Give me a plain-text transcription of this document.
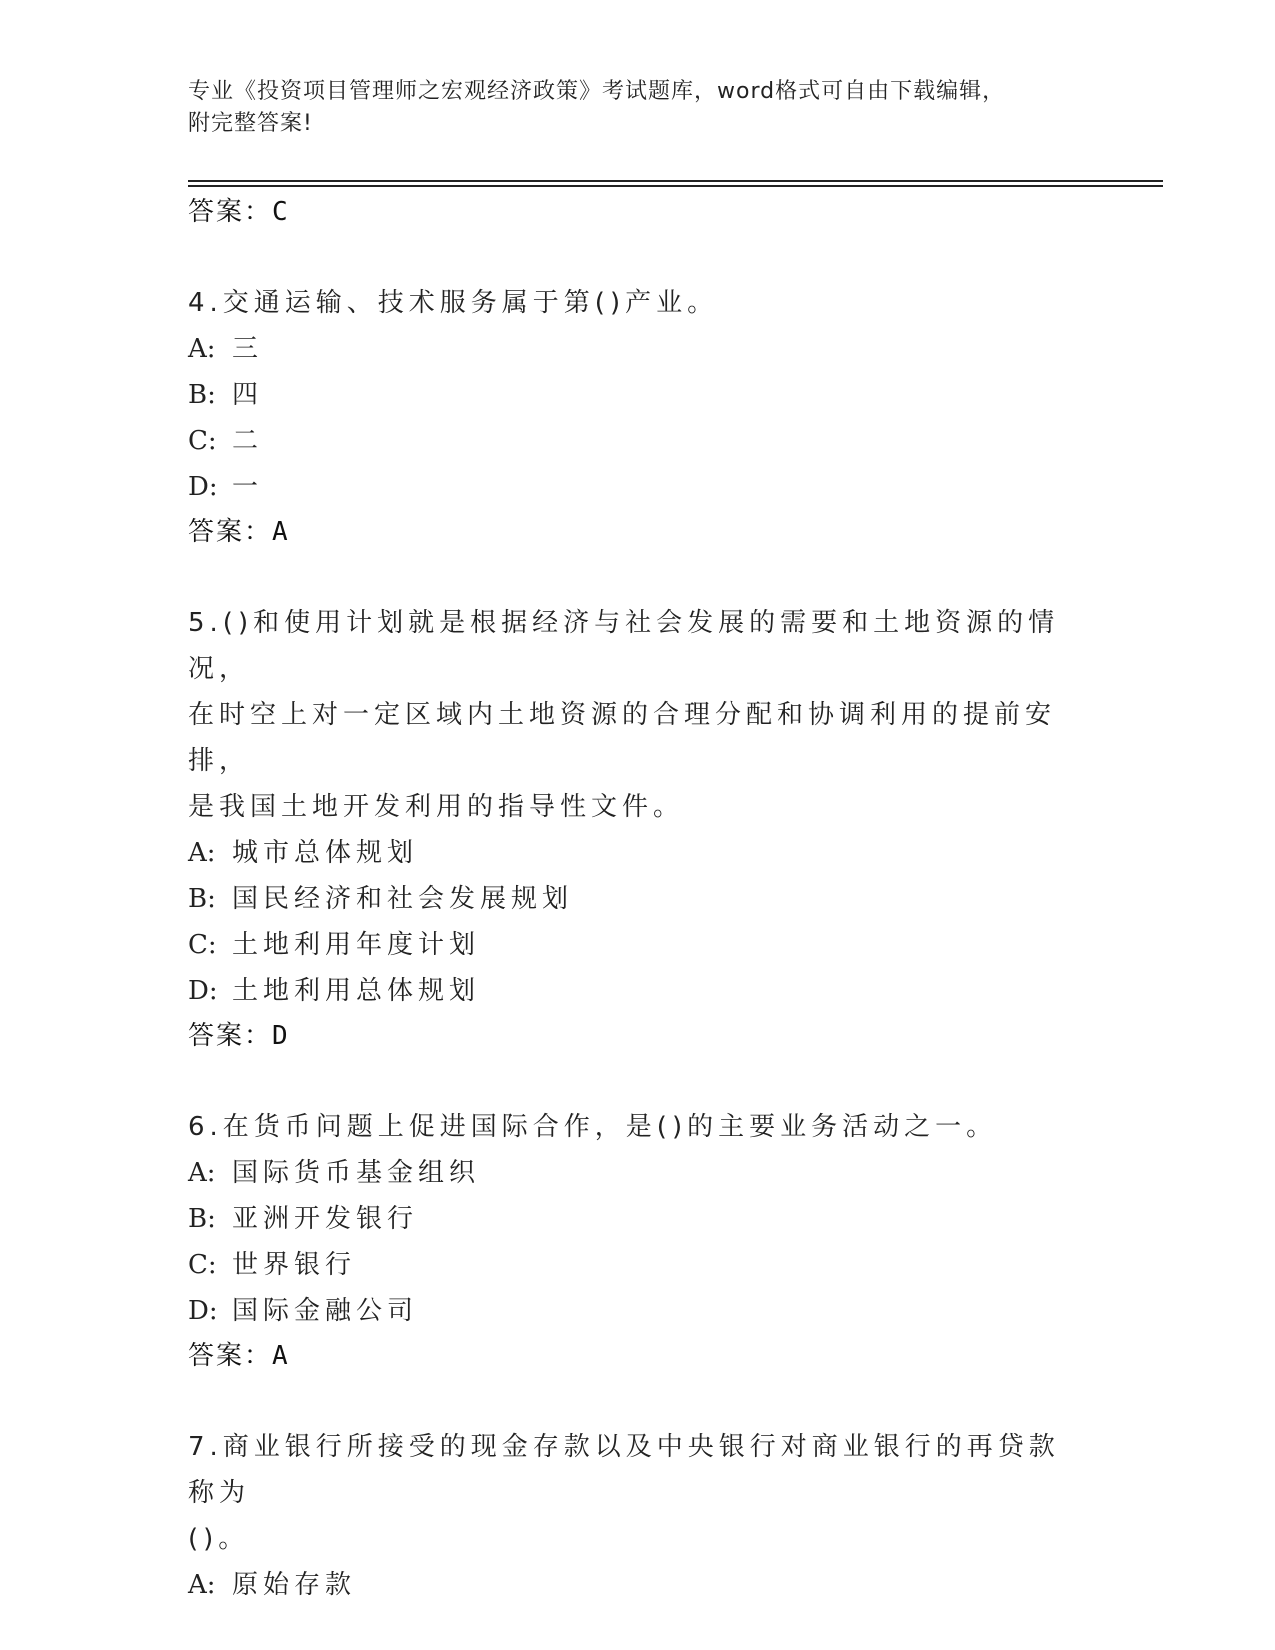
专业《投资项目管理师之宏观经济政策》考试题库，word格式可自由下载编辑，
附完整答案!
答案：C
4.交通运输、技术服务属于第()产业。
A: 三
B: 四
C: 二
D: 一
答案：A
5.()和使用计划就是根据经济与社会发展的需要和土地资源的情况，
在时空上对一定区域内土地资源的合理分配和协调利用的提前安排，
是我国土地开发利用的指导性文件。
A: 城市总体规划
B: 国民经济和社会发展规划
C: 土地利用年度计划
D: 土地利用总体规划
答案：D
6.在货币问题上促进国际合作，是()的主要业务活动之一。
A: 国际货币基金组织
B: 亚洲开发银行
C: 世界银行
D: 国际金融公司
答案：A
7.商业银行所接受的现金存款以及中央银行对商业银行的再贷款称为
()。
A: 原始存款
